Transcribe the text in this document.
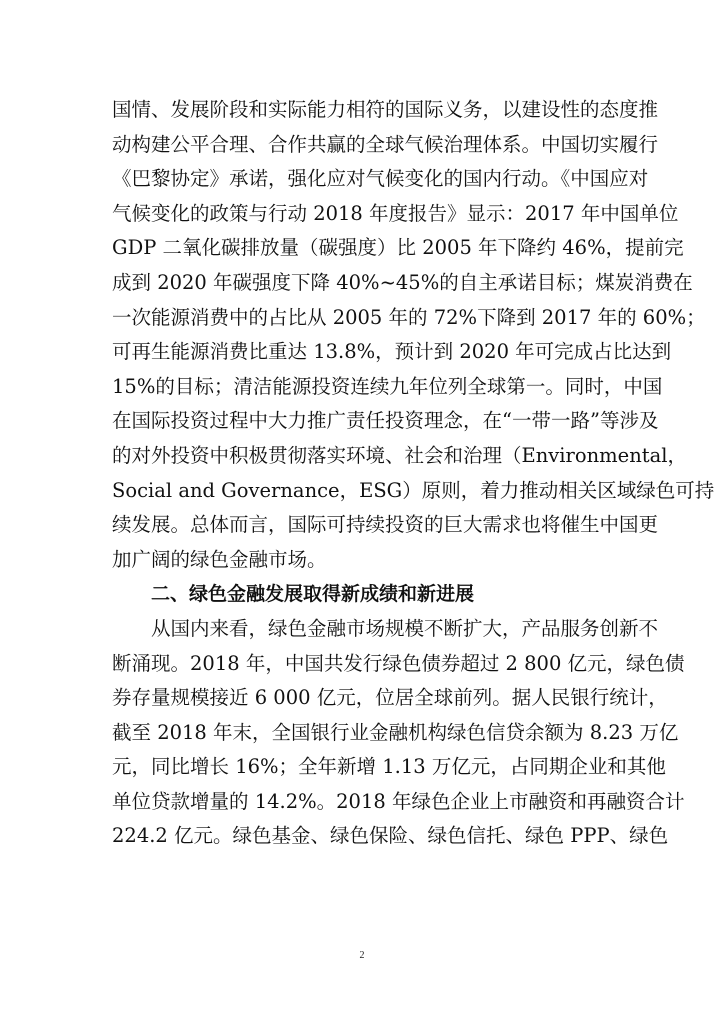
国情、发展阶段和实际能力相符的国际义务，以建设性的态度推
动构建公平合理、合作共赢的全球气候治理体系。中国切实履行
《巴黎协定》承诺，强化应对气候变化的国内行动。《中国应对
气候变化的政策与行动 2018 年度报告》显示：2017 年中国单位
GDP 二氧化碳排放量（碳强度）比 2005 年下降约 46%，提前完
成到 2020 年碳强度下降 40%~45%的自主承诺目标；煤炭消费在
一次能源消费中的占比从 2005 年的 72%下降到 2017 年的 60%；
可再生能源消费比重达 13.8%，预计到 2020 年可完成占比达到
15%的目标；清洁能源投资连续九年位列全球第一。同时，中国
在国际投资过程中大力推广责任投资理念，在“一带一路”等涉及
的对外投资中积极贯彻落实环境、社会和治理（Environmental，
Social and Governance，ESG）原则，着力推动相关区域绿色可持
续发展。总体而言，国际可持续投资的巨大需求也将催生中国更
加广阔的绿色金融市场。
二、绿色金融发展取得新成绩和新进展
从国内来看，绿色金融市场规模不断扩大，产品服务创新不
断涌现。2018 年，中国共发行绿色债券超过 2 800 亿元，绿色债
券存量规模接近 6 000 亿元，位居全球前列。据人民银行统计，
截至 2018 年末，全国银行业金融机构绿色信贷余额为 8.23 万亿
元，同比增长 16%；全年新增 1.13 万亿元，占同期企业和其他
单位贷款增量的 14.2%。2018 年绿色企业上市融资和再融资合计
224.2 亿元。绿色基金、绿色保险、绿色信托、绿色 PPP、绿色
2
